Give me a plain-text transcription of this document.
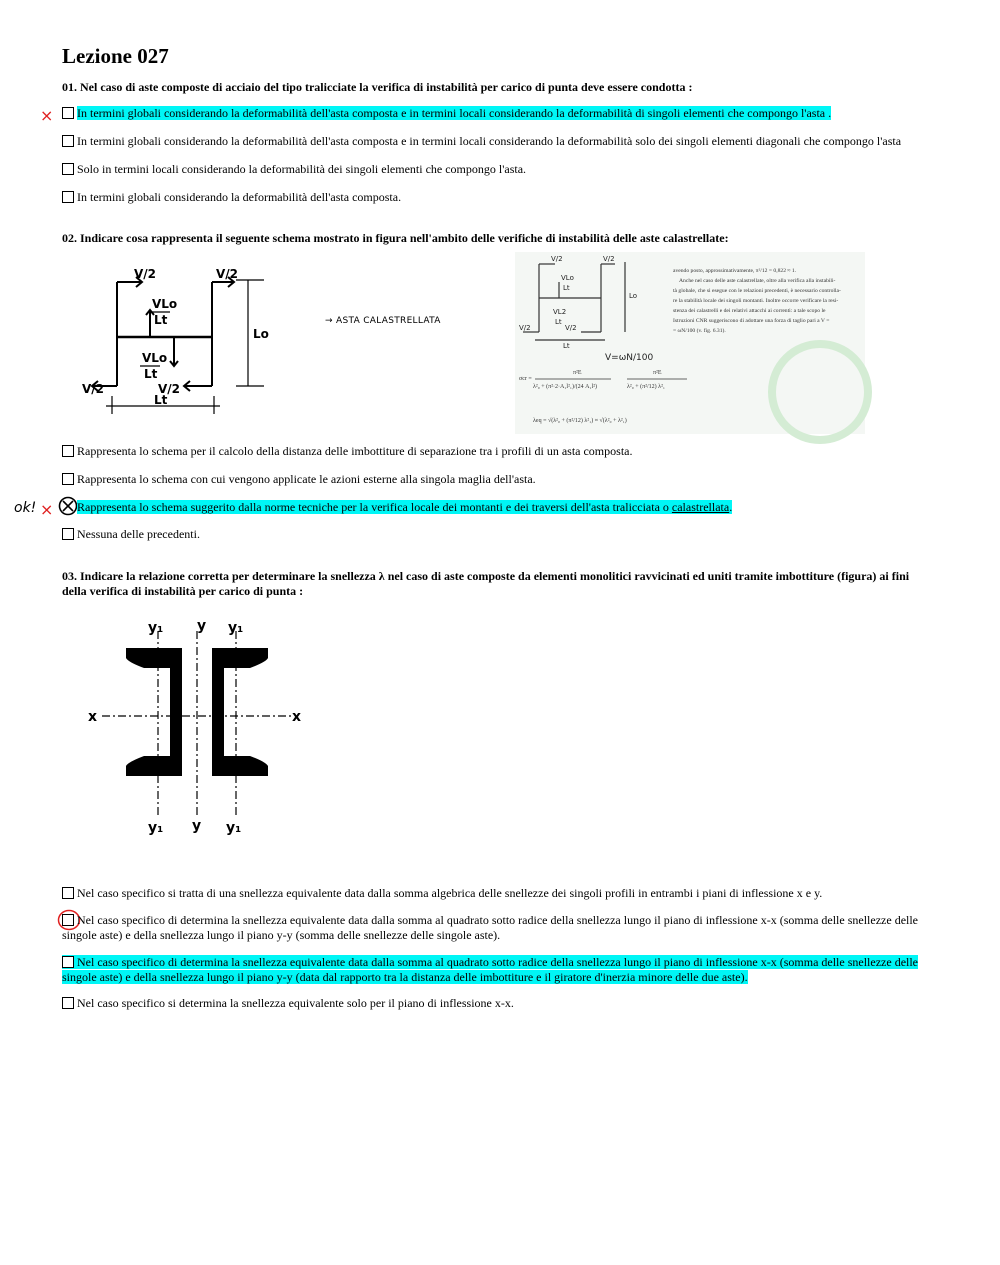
Lezione 027
01. Nel caso di aste composte di acciaio del tipo tralicciate la verifica di instabilità per carico di punta deve essere condotta :
×	In termini globali considerando la deformabilità dell'asta composta e in termini locali considerando la deformabilità di singoli elementi che compongo l'asta .
In termini globali considerando la deformabilità dell'asta composta e in termini locali considerando la deformabilità solo dei singoli elementi diagonali che compongo l'asta
Solo in termini locali considerando la deformabilità dei singoli elementi che compongo l'asta.
In termini globali considerando la deformabilità dell'asta composta.
02. Indicare cosa rappresenta il seguente schema mostrato in figura nell'ambito delle verifiche di instabilità delle aste calastrellate:
V/2	V/2
VLo
Lt
VLo
Lt
V/2	V/2
Lo
Lt
→ ASTA CALASTRELLATA
V/2	V/2
VLo
Lt
VL2
Lt
V/2	V/2
Lo
Lt
V=ωN/100
avendo posto, approssimativamente, π²/12 = 0,822 ≈ 1.
Anche nel caso delle aste calastrellate, oltre alla verifica alla instabili-
tà globale, che si esegue con le relazioni precedenti, è necessario controlla-
re la stabilità locale dei singoli montanti. Inoltre occorre verificare la resi-
stenza dei calastrelli e dei relativi attacchi ai correnti: a tale scopo le
Istruzioni CNR suggeriscono di adottare una forza di taglio pari a V =
= ωN/100 (v. fig. 6.31).
σcr =
π²E
λ²₀ + (π²·2·A₁l²₁)/(24 A₁l²)
π²E
λ²₀ + (π²/12) λ²₁
λeq = √(λ²₀ + (π²/12) λ²₁) ≈ √(λ²₀ + λ²₁)
Rappresenta lo schema per il calcolo della distanza delle imbottiture di separazione tra i profili di un asta composta.
Rappresenta lo schema con cui vengono applicate le azioni esterne alla singola maglia dell'asta.
ok! ×	Rappresenta lo schema suggerito dalla norme tecniche per la verifica locale dei montanti e dei traversi dell'asta tralicciata o calastrellata.
Nessuna delle precedenti.
03. Indicare la relazione corretta per determinare la snellezza λ nel caso di aste composte da elementi monolitici ravvicinati ed uniti tramite imbottiture (figura) ai fini della verifica di instabilità per carico di punta :
y₁ y y₁
x	x
y₁ y y₁
Nel caso specifico si tratta di una snellezza equivalente data dalla somma algebrica delle snellezze dei singoli profili in entrambi i piani di inflessione x e y.
Nel caso specifico di determina la snellezza equivalente data dalla somma al quadrato sotto radice della snellezza lungo il piano di inflessione x-x (somma delle snellezze delle singole aste) e della snellezza lungo il piano y-y (somma delle snellezze delle singole aste).
Nel caso specifico di determina la snellezza equivalente data dalla somma al quadrato sotto radice della snellezza lungo il piano di inflessione x-x (somma delle snellezze delle singole aste) e della snellezza lungo il piano y-y (data dal rapporto tra la distanza delle imbottiture e il giratore d'inerzia minore delle due aste).
Nel caso specifico si determina la snellezza equivalente solo per il piano di inflessione x-x.
